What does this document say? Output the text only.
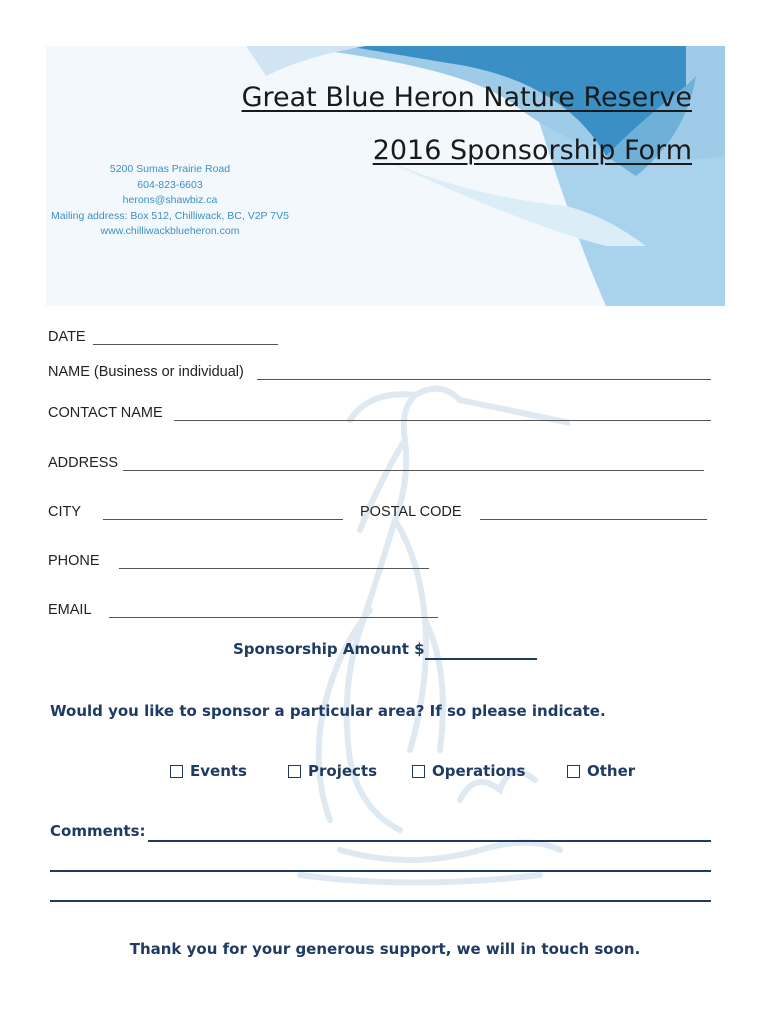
Great Blue Heron Nature Reserve
2016 Sponsorship Form
5200 Sumas Prairie Road
604-823-6603
herons@shawbiz.ca
Mailing address: Box 512, Chilliwack, BC, V2P 7V5
www.chilliwackblueheron.com
DATE
NAME (Business or individual)
CONTACT NAME
ADDRESS
CITY	POSTAL CODE
PHONE
EMAIL
Sponsorship Amount $
Would you like to sponsor a particular area? If so please indicate.
Events	Projects	Operations	Other
Comments:
Thank you for your generous support, we will in touch soon.
